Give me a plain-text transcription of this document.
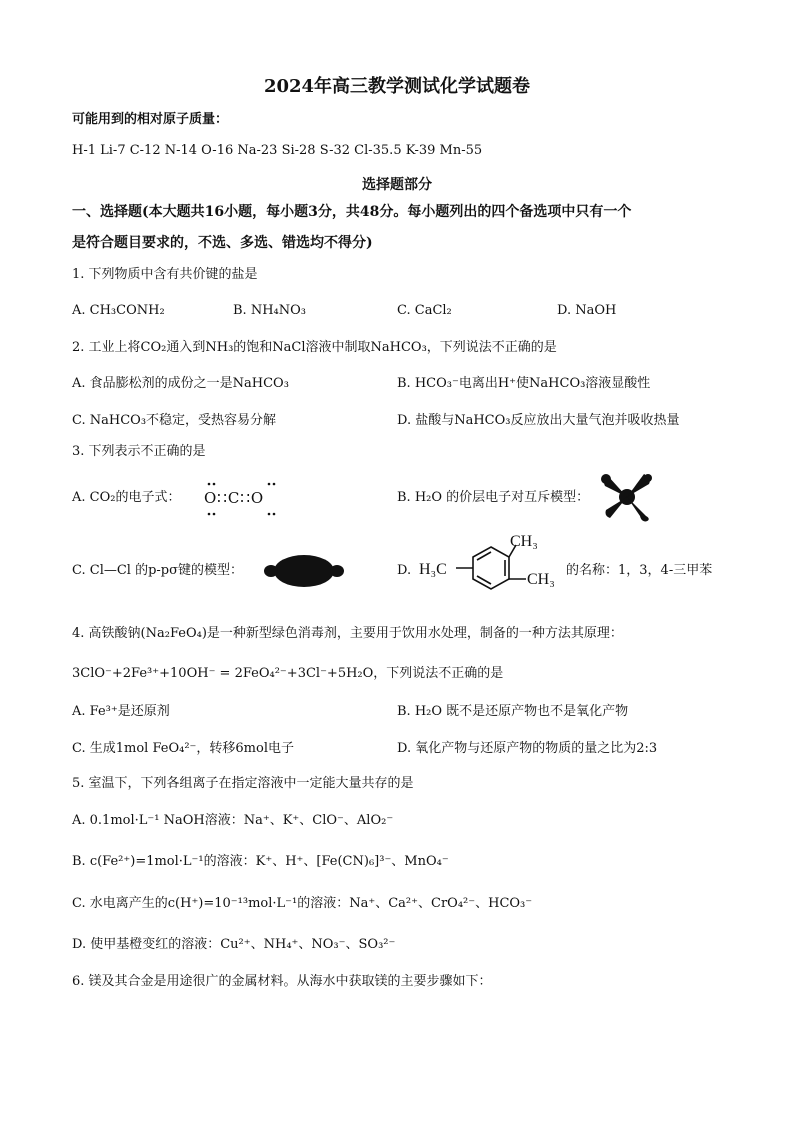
2024年高三教学测试化学试题卷
可能用到的相对原子质量：
H-1 Li-7 C-12 N-14 O-16 Na-23 Si-28 S-32 Cl-35.5 K-39 Mn-55
选择题部分
一、选择题(本大题共16小题，每小题3分，共48分。每小题列出的四个备选项中只有一个
是符合题目要求的，不选、多选、错选均不得分)
1. 下列物质中含有共价键的盐是
A. CH₃CONH₂	B. NH₄NO₃	C. CaCl₂	D. NaOH
2. 工业上将CO₂通入到NH₃的饱和NaCl溶液中制取NaHCO₃，下列说法不正确的是
A. 食品膨松剂的成份之一是NaHCO₃	B. HCO₃⁻电离出H⁺使NaHCO₃溶液显酸性
C. NaHCO₃不稳定，受热容易分解	D. 盐酸与NaHCO₃反应放出大量气泡并吸收热量
3. 下列表示不正确的是
A. CO₂的电子式： O∷C∷O	B. H₂O 的价层电子对互斥模型：
C. Cl—Cl 的p-pσ键的模型：	D.
CH₃
CH₃
H₃C	的名称：1，3，4-三甲苯
4. 高铁酸钠(Na₂FeO₄)是一种新型绿色消毒剂，主要用于饮用水处理，制备的一种方法其原理：
3ClO⁻+2Fe³⁺+10OH⁻ = 2FeO₄²⁻+3Cl⁻+5H₂O，下列说法不正确的是
A. Fe³⁺是还原剂	B. H₂O 既不是还原产物也不是氧化产物
C. 生成1mol FeO₄²⁻，转移6mol电子	D. 氧化产物与还原产物的物质的量之比为2:3
5. 室温下，下列各组离子在指定溶液中一定能大量共存的是
A. 0.1mol·L⁻¹ NaOH溶液：Na⁺、K⁺、ClO⁻、AlO₂⁻
B. c(Fe²⁺)=1mol·L⁻¹的溶液：K⁺、H⁺、[Fe(CN)₆]³⁻、MnO₄⁻
C. 水电离产生的c(H⁺)=10⁻¹³mol·L⁻¹的溶液：Na⁺、Ca²⁺、CrO₄²⁻、HCO₃⁻
D. 使甲基橙变红的溶液：Cu²⁺、NH₄⁺、NO₃⁻、SO₃²⁻
6. 镁及其合金是用途很广的金属材料。从海水中获取镁的主要步骤如下：
